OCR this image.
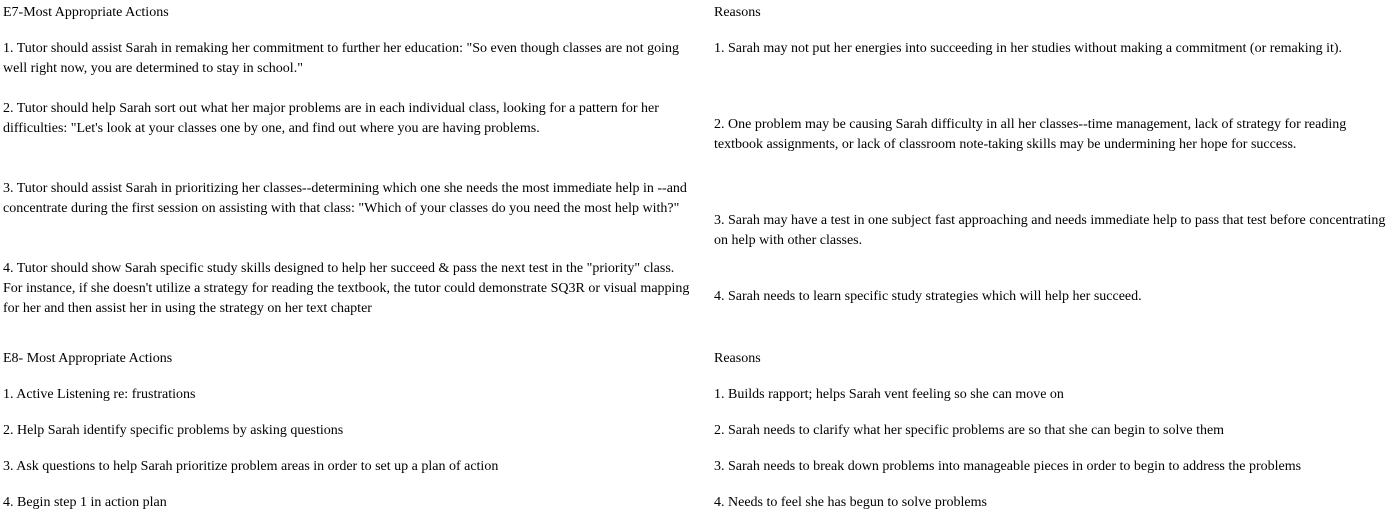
E7-Most Appropriate Actions

1. Tutor should assist Sarah in remaking her commitment to further her education: "So even though classes are not going well right now, you are determined to stay in school."

2. Tutor should help Sarah sort out what her major problems are in each individual class, looking for a pattern for her difficulties: "Let's look at your classes one by one, and find out where you are having problems.

3. Tutor should assist Sarah in prioritizing her classes--determining which one she needs the most immediate help in --and concentrate during the first session on assisting with that class: "Which of your classes do you need the most help with?"

4. Tutor should show Sarah specific study skills designed to help her succeed & pass the next test in the "priority" class. For instance, if she doesn't utilize a strategy for reading the textbook, the tutor could demonstrate SQ3R or visual mapping for her and then assist her in using the strategy on her text chapter

E8- Most Appropriate Actions

1. Active Listening re: frustrations

2. Help Sarah identify specific problems by asking questions

3. Ask questions to help Sarah prioritize problem areas in order to set up a plan of action

4. Begin step 1 in action plan

Reasons

1. Sarah may not put her energies into succeeding in her studies without making a commitment (or remaking it).

2. One problem may be causing Sarah difficulty in all her classes--time management, lack of strategy for reading textbook assignments, or lack of classroom note-taking skills may be undermining her hope for success.

3. Sarah may have a test in one subject fast approaching and needs immediate help to pass that test before concentrating on help with other classes.

4. Sarah needs to learn specific study strategies which will help her succeed.

Reasons

1. Builds rapport; helps Sarah vent feeling so she can move on

2. Sarah needs to clarify what her specific problems are so that she can begin to solve them

3. Sarah needs to break down problems into manageable pieces in order to begin to address the problems

4. Needs to feel she has begun to solve problems
